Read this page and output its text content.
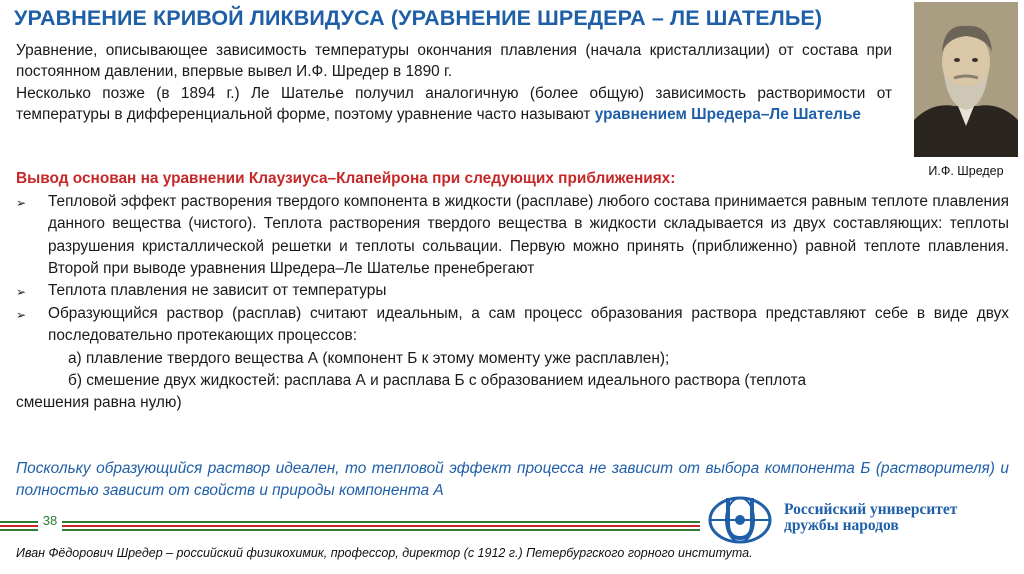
УРАВНЕНИЕ КРИВОЙ ЛИКВИДУСА (УРАВНЕНИЕ ШРЕДЕРА – ЛЕ ШАТЕЛЬЕ)
И.Ф. Шредер

Уравнение, описывающее зависимость температуры окончания плавления (начала кристаллизации) от состава при постоянном давлении, впервые вывел И.Ф. Шредер в 1890 г.

Несколько позже (в 1894 г.) Ле Шателье получил аналогичную (более общую) зависимость растворимости от температуры в дифференциальной форме, поэтому уравнение часто называют уравнением Шредера–Ле Шателье

Вывод основан на уравнении Клаузиуса–Клапейрона при следующих приближениях:

➢	Тепловой эффект растворения твердого компонента в жидкости (расплаве) любого состава принимается равным теплоте плавления данного вещества (чистого). Теплота растворения твердого вещества в жидкости складывается из двух составляющих: теплоты разрушения кристаллической решетки и теплоты сольвации. Первую можно принять (приближенно) равной теплоте плавления. Второй при выводе уравнения Шредера–Ле Шателье пренебрегают
➢	Теплота плавления не зависит от температуры
➢	Образующийся раствор (расплав) считают идеальным, а сам процесс образования раствора представляют себе в виде двух последовательно протекающих процессов:
а) плавление твердого вещества А (компонент Б к этому моменту уже расплавлен);
б) смешение двух жидкостей: расплава А и расплава Б с образованием идеального раствора (теплота
смешения равна нулю)
Поскольку образующийся раствор идеален, то тепловой эффект процесса не зависит от выбора компонента Б (растворителя) и полностью зависит от свойств и природы компонента А
38
Российский университет
дружбы народов
Иван Фёдорович Шредер – российский физикохимик, профессор, директор (с 1912 г.) Петербургского горного института.
